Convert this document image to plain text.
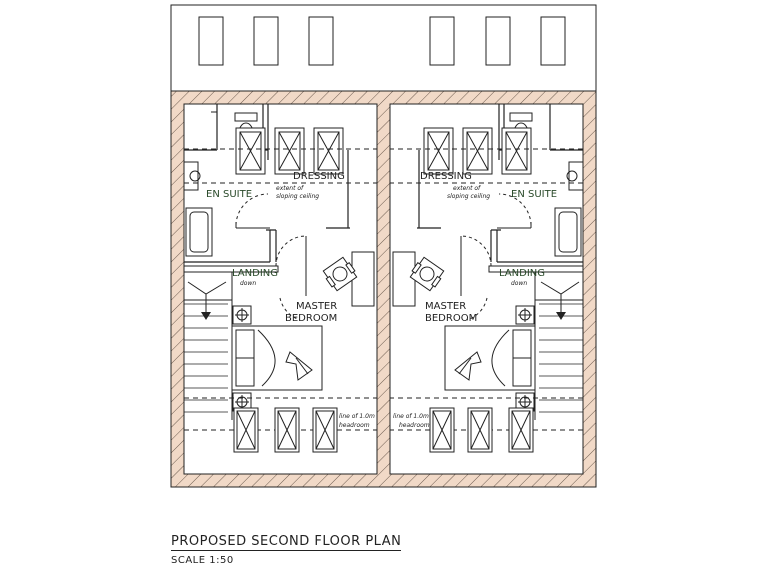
DRESSING
EN SUITE
extent of
sloping ceiling
LANDING
down
MASTER
BEDROOM
line of 1.0m
headroom
DRESSING
EN SUITE
extent of
sloping ceiling
LANDING
down
MASTER
BEDROOM
line of 1.0m
headroom
PROPOSED SECOND FLOOR PLAN
SCALE 1:50
